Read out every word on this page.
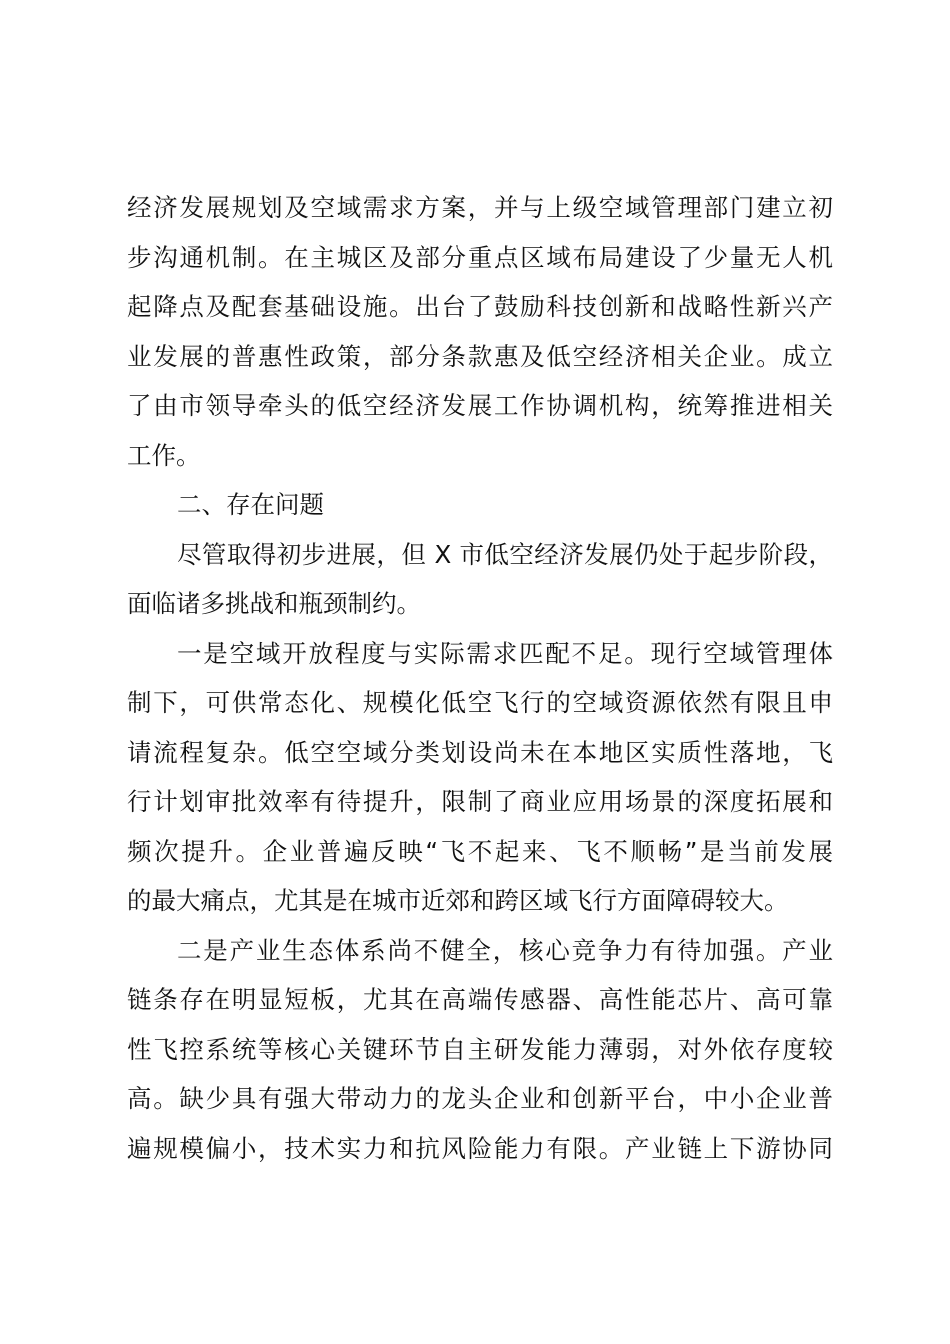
经济发展规划及空域需求方案，并与上级空域管理部门建立初
步沟通机制。在主城区及部分重点区域布局建设了少量无人机
起降点及配套基础设施。出台了鼓励科技创新和战略性新兴产
业发展的普惠性政策，部分条款惠及低空经济相关企业。成立
了由市领导牵头的低空经济发展工作协调机构，统筹推进相关
工作。
二、存在问题
尽管取得初步进展，但 X 市低空经济发展仍处于起步阶段，
面临诸多挑战和瓶颈制约。
一是空域开放程度与实际需求匹配不足。现行空域管理体
制下，可供常态化、规模化低空飞行的空域资源依然有限且申
请流程复杂。低空空域分类划设尚未在本地区实质性落地，飞
行计划审批效率有待提升，限制了商业应用场景的深度拓展和
频次提升。企业普遍反映“飞不起来、飞不顺畅”是当前发展
的最大痛点，尤其是在城市近郊和跨区域飞行方面障碍较大。
二是产业生态体系尚不健全，核心竞争力有待加强。产业
链条存在明显短板，尤其在高端传感器、高性能芯片、高可靠
性飞控系统等核心关键环节自主研发能力薄弱，对外依存度较
高。缺少具有强大带动力的龙头企业和创新平台，中小企业普
遍规模偏小，技术实力和抗风险能力有限。产业链上下游协同
